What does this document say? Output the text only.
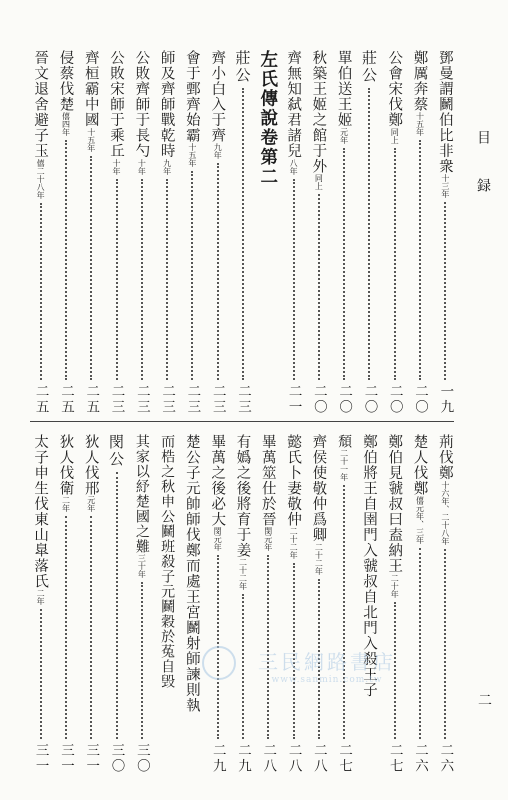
目　録
二
鄧曼謂鬭伯比非衆
十三年
一九
鄭厲奔蔡
十五年
二〇
公會宋伐鄭
同上
二〇
莊公
二〇
單伯送王姬
元年
二〇
秋築王姬之館于外
同上
二〇
齊無知弑君諸兒
八年
二一
左氏傳說卷第二
莊公
二三
齊小白入于齊
九年
二三
會于鄄齊始霸
十五年
二三
師及齊師戰乾時
九年
二三
公敗齊師于長勺
十年
二三
公敗宋師于乘丘
十年
二三
齊桓霸中國
十五年
二五
侵蔡伐楚
僖四年
二五
晉文退舍避子玉
僖二十八年
二五
荊伐鄭
十六年、二十八年
二六
楚人伐鄭
僖元年、三年
二六
鄭伯見虢叔曰盍納王
二十年
二七
鄭伯將王自圉門入虢叔自北門入殺王子
頹
二十一年
二七
齊侯使敬仲爲卿
二十二年
二八
懿氏卜妻敬仲
二十二年
二八
畢萬筮仕於晉
閔元年
二八
有嬀之後將育于姜
二十二年
二九
畢萬之後必大
閔元年
二九
楚公子元帥師伐鄭而處王宮鬭射師諫則執
而梏之秋申公鬭班殺子元鬭穀於菟自毁
其家以紓楚國之難
三十年
三〇
閔公
三〇
狄人伐邢
元年
三一
狄人伐衛
二年
三一
太子申生伐東山臯落氏
二年
三一
三民網路書店
www.sanmin.com.tw
